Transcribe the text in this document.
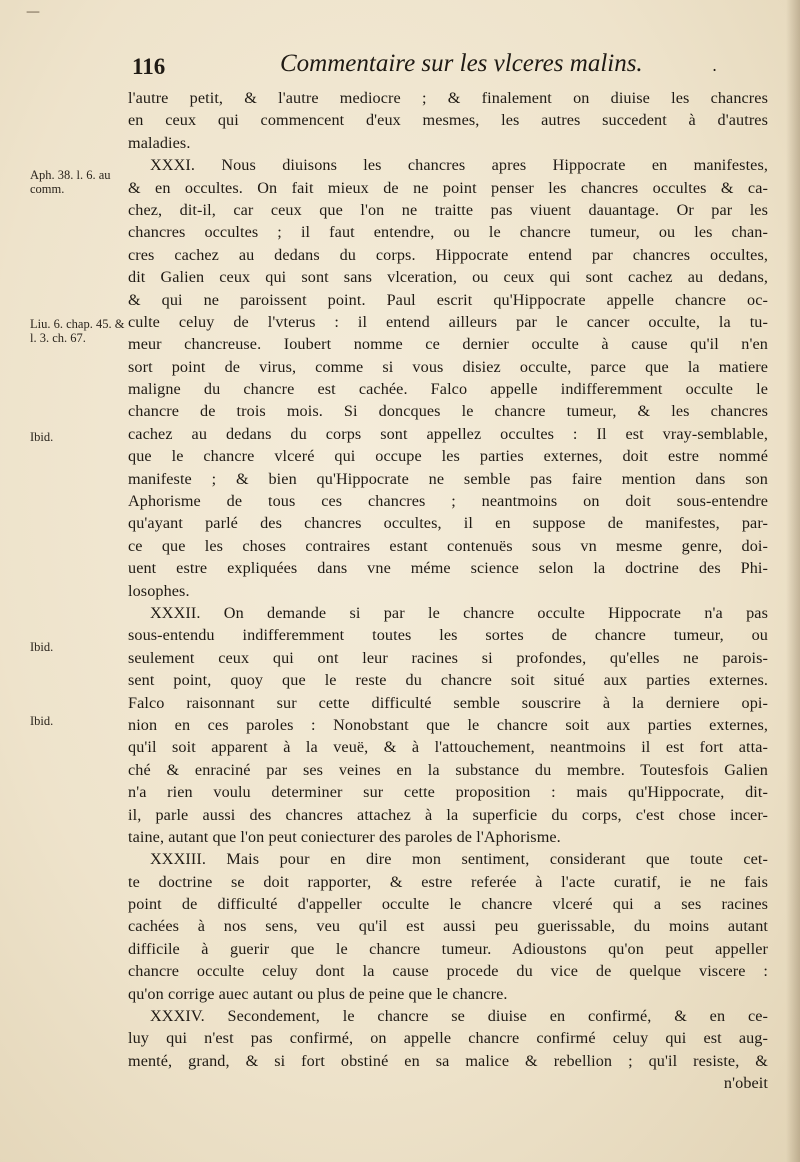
—
116	Commentaire sur les vlceres malins.	.
Aph. 38. l. 6. au comm.
Liu. 6. chap. 45. & l. 3. ch. 67.
Ibid.
Ibid.
Ibid.
l'autre petit, & l'autre mediocre ; & finalement on diuise les chancres
en ceux qui commencent d'eux mesmes, les autres succedent à d'autres
maladies.
XXXI. Nous diuisons les chancres apres Hippocrate en manifestes,
& en occultes. On fait mieux de ne point penser les chancres occultes & ca-
chez, dit-il, car ceux que l'on ne traitte pas viuent dauantage. Or par les
chancres occultes ; il faut entendre, ou le chancre tumeur, ou les chan-
cres cachez au dedans du corps. Hippocrate entend par chancres occultes,
dit Galien ceux qui sont sans vlceration, ou ceux qui sont cachez au dedans,
& qui ne paroissent point. Paul escrit qu'Hippocrate appelle chancre oc-
culte celuy de l'vterus : il entend ailleurs par le cancer occulte, la tu-
meur chancreuse. Ioubert nomme ce dernier occulte à cause qu'il n'en
sort point de virus, comme si vous disiez occulte, parce que la matiere
maligne du chancre est cachée. Falco appelle indifferemment occulte le
chancre de trois mois. Si doncques le chancre tumeur, & les chancres
cachez au dedans du corps sont appellez occultes : Il est vray-semblable,
que le chancre vlceré qui occupe les parties externes, doit estre nommé
manifeste ; & bien qu'Hippocrate ne semble pas faire mention dans son
Aphorisme de tous ces chancres ; neantmoins on doit sous-entendre
qu'ayant parlé des chancres occultes, il en suppose de manifestes, par-
ce que les choses contraires estant contenuës sous vn mesme genre, doi-
uent estre expliquées dans vne méme science selon la doctrine des Phi-
losophes.
XXXII. On demande si par le chancre occulte Hippocrate n'a pas
sous-entendu indifferemment toutes les sortes de chancre tumeur, ou
seulement ceux qui ont leur racines si profondes, qu'elles ne parois-
sent point, quoy que le reste du chancre soit situé aux parties externes.
Falco raisonnant sur cette difficulté semble souscrire à la derniere opi-
nion en ces paroles : Nonobstant que le chancre soit aux parties externes,
qu'il soit apparent à la veuë, & à l'attouchement, neantmoins il est fort atta-
ché & enraciné par ses veines en la substance du membre. Toutesfois Galien
n'a rien voulu determiner sur cette proposition : mais qu'Hippocrate, dit-
il, parle aussi des chancres attachez à la superficie du corps, c'est chose incer-
taine, autant que l'on peut coniecturer des paroles de l'Aphorisme.
XXXIII. Mais pour en dire mon sentiment, considerant que toute cet-
te doctrine se doit rapporter, & estre referée à l'acte curatif, ie ne fais
point de difficulté d'appeller occulte le chancre vlceré qui a ses racines
cachées à nos sens, veu qu'il est aussi peu guerissable, du moins autant
difficile à guerir que le chancre tumeur. Adioustons qu'on peut appeller
chancre occulte celuy dont la cause procede du vice de quelque viscere :
qu'on corrige auec autant ou plus de peine que le chancre.
XXXIV. Secondement, le chancre se diuise en confirmé, & en ce-
luy qui n'est pas confirmé, on appelle chancre confirmé celuy qui est aug-
menté, grand, & si fort obstiné en sa malice & rebellion ; qu'il resiste, &
n'obeit
